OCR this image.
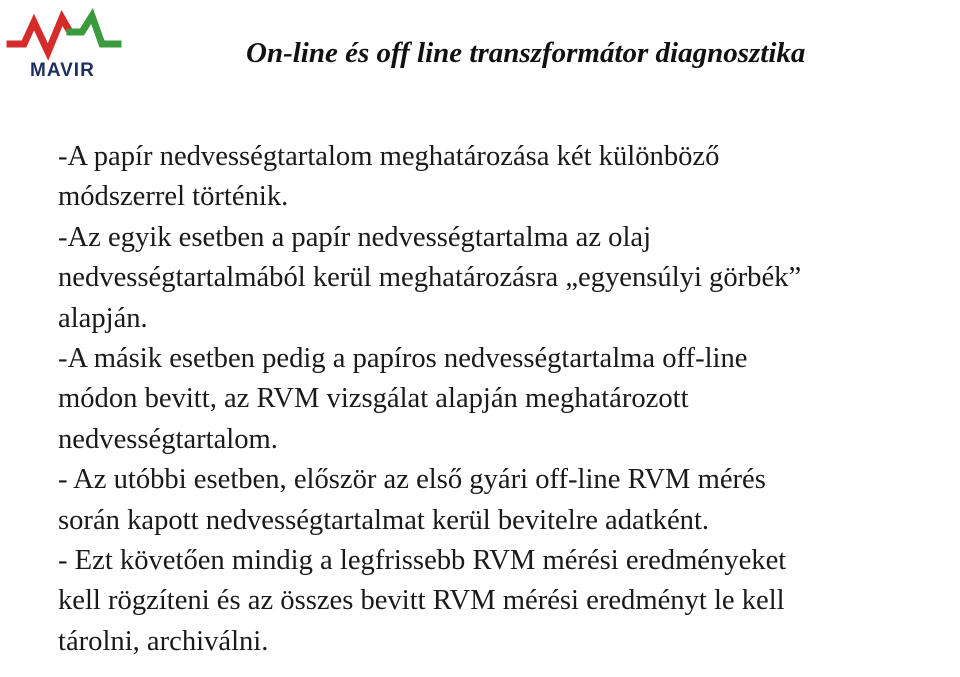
MAVIR
On-line és off line transzformátor diagnosztika
-A papír nedvességtartalom meghatározása két különböző
módszerrel történik.
-Az egyik esetben a papír nedvességtartalma az olaj
nedvességtartalmából kerül meghatározásra „egyensúlyi görbék”
alapján.
-A másik esetben pedig a papíros nedvességtartalma off-line
módon bevitt, az RVM vizsgálat alapján meghatározott
nedvességtartalom.
- Az utóbbi esetben, először az első gyári off-line RVM mérés
során kapott nedvességtartalmat kerül bevitelre adatként.
- Ezt követően mindig a legfrissebb RVM mérési eredményeket
kell rögzíteni és az összes bevitt RVM mérési eredményt le kell
tárolni, archiválni.
